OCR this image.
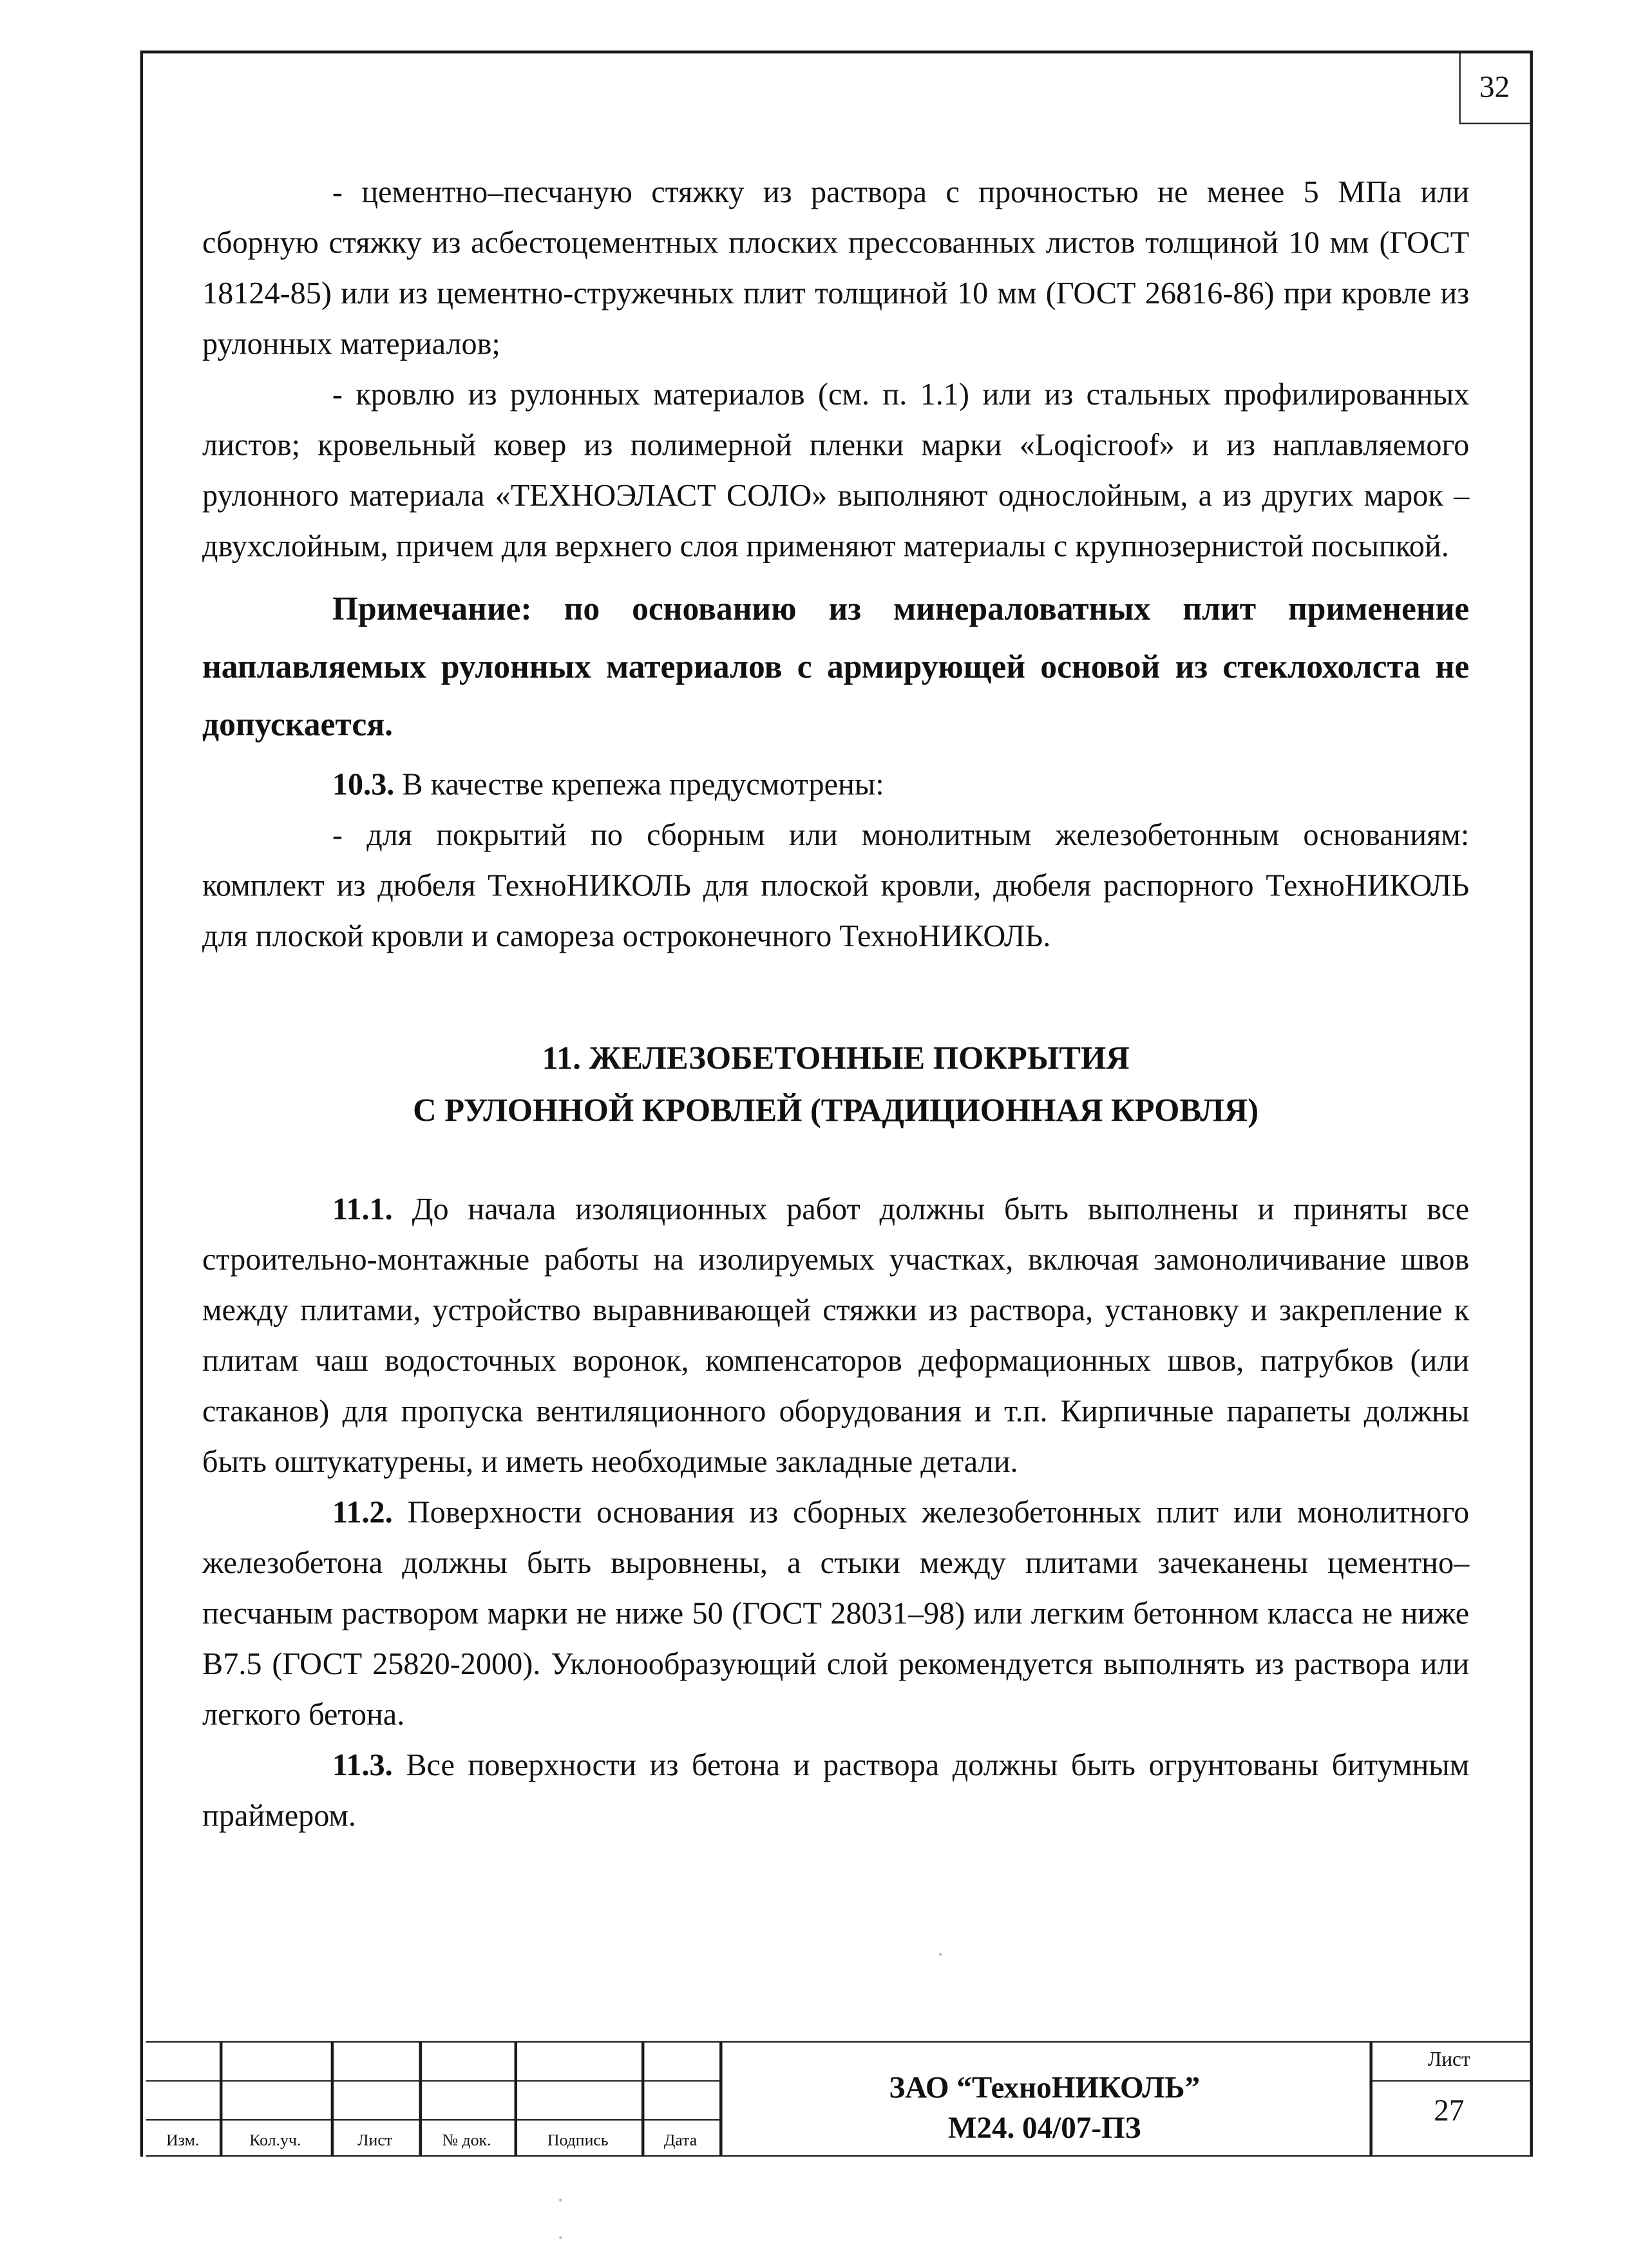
32

- цементно–песчаную стяжку из раствора с прочностью не менее 5 МПа или сборную стяжку из асбестоцементных плоских прессованных листов толщиной 10 мм (ГОСТ 18124-85) или из цементно-стружечных плит толщиной 10 мм (ГОСТ 26816-86) при кровле из рулонных материалов;

- кровлю из рулонных материалов (см. п. 1.1) или из стальных профилированных листов; кровельный ковер из полимерной пленки марки «Loqicroof» и из наплавляемого рулонного материала «ТЕХНОЭЛАСТ СОЛО» выполняют однослойным, а из других марок – двухслойным, причем для верхнего слоя применяют материалы с крупнозернистой посыпкой.

Примечание: по основанию из минераловатных плит применение наплавляемых рулонных материалов с армирующей основой из стеклохолста не допускается.

10.3. В качестве крепежа предусмотрены:

- для покрытий по сборным или монолитным железобетонным основаниям: комплект из дюбеля ТехноНИКОЛЬ для плоской кровли, дюбеля распорного ТехноНИКОЛЬ для плоской кровли и самореза остроконечного ТехноНИКОЛЬ.

11. ЖЕЛЕЗОБЕТОННЫЕ ПОКРЫТИЯ
С РУЛОННОЙ КРОВЛЕЙ (ТРАДИЦИОННАЯ КРОВЛЯ)

11.1. До начала изоляционных работ должны быть выполнены и приняты все строительно-монтажные работы на изолируемых участках, включая замоноличивание швов между плитами, устройство выравнивающей стяжки из раствора, установку и закрепление к плитам чаш водосточных воронок, компенсаторов деформационных швов, патрубков (или стаканов) для пропуска вентиляционного оборудования и т.п. Кирпичные парапеты должны быть оштукатурены, и иметь необходимые закладные детали.

11.2. Поверхности основания из сборных железобетонных плит или монолитного железобетона должны быть выровнены, а стыки между плитами зачеканены цементно–песчаным раствором марки не ниже 50 (ГОСТ 28031–98) или легким бетонном класса не ниже В7.5 (ГОСТ 25820-2000). Уклонообразующий слой рекомендуется выполнять из раствора или легкого бетона.

11.3. Все поверхности из бетона и раствора должны быть огрунтованы битумным праймером.

Изм.	Кол.уч.	Лист	№ док.	Подпись	Дата
ЗАО “ТехноНИКОЛЬ”
М24. 04/07-ПЗ
Лист
27
